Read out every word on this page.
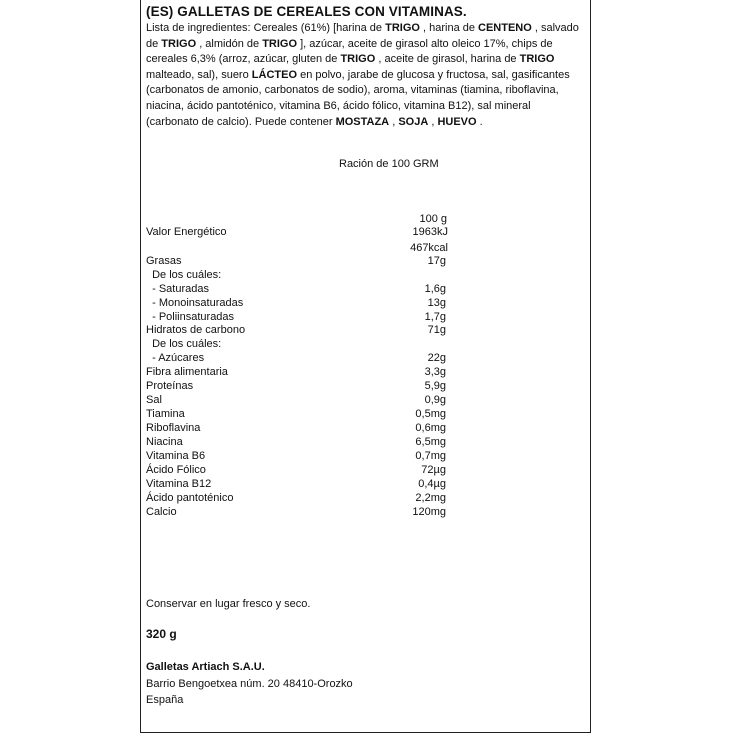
(ES) GALLETAS DE CEREALES CON VITAMINAS.
Lista de ingredientes: Cereales (61%) [harina de TRIGO , harina de CENTENO , salvado de TRIGO , almidón de TRIGO ], azúcar, aceite de girasol alto oleico 17%, chips de cereales 6,3% (arroz, azúcar, gluten de TRIGO , aceite de girasol, harina de TRIGO malteado, sal), suero LÁCTEO en polvo, jarabe de glucosa y fructosa, sal, gasificantes (carbonatos de amonio, carbonatos de sodio), aroma, vitaminas (tiamina, riboflavina, niacina, ácido pantoténico, vitamina B6, ácido fólico, vitamina B12), sal mineral (carbonato de calcio). Puede contener MOSTAZA , SOJA , HUEVO .
Ración de 100 GRM
100 g
Valor Energético	1963kJ
467kcal
Grasas	17g
De los cuáles:
- Saturadas	1,6g
- Monoinsaturadas	13g
- Poliinsaturadas	1,7g
Hidratos de carbono	71g
De los cuáles:
- Azúcares	22g
Fibra alimentaria	3,3g
Proteínas	5,9g
Sal	0,9g
Tiamina	0,5mg
Riboflavina	0,6mg
Niacina	6,5mg
Vitamina B6	0,7mg
Ácido Fólico	72µg
Vitamina B12	0,4µg
Ácido pantoténico	2,2mg
Calcio	120mg
Conservar en lugar fresco y seco.
320 g
Galletas Artiach S.A.U.
Barrio Bengoetxea núm. 20 48410-Orozko
España
